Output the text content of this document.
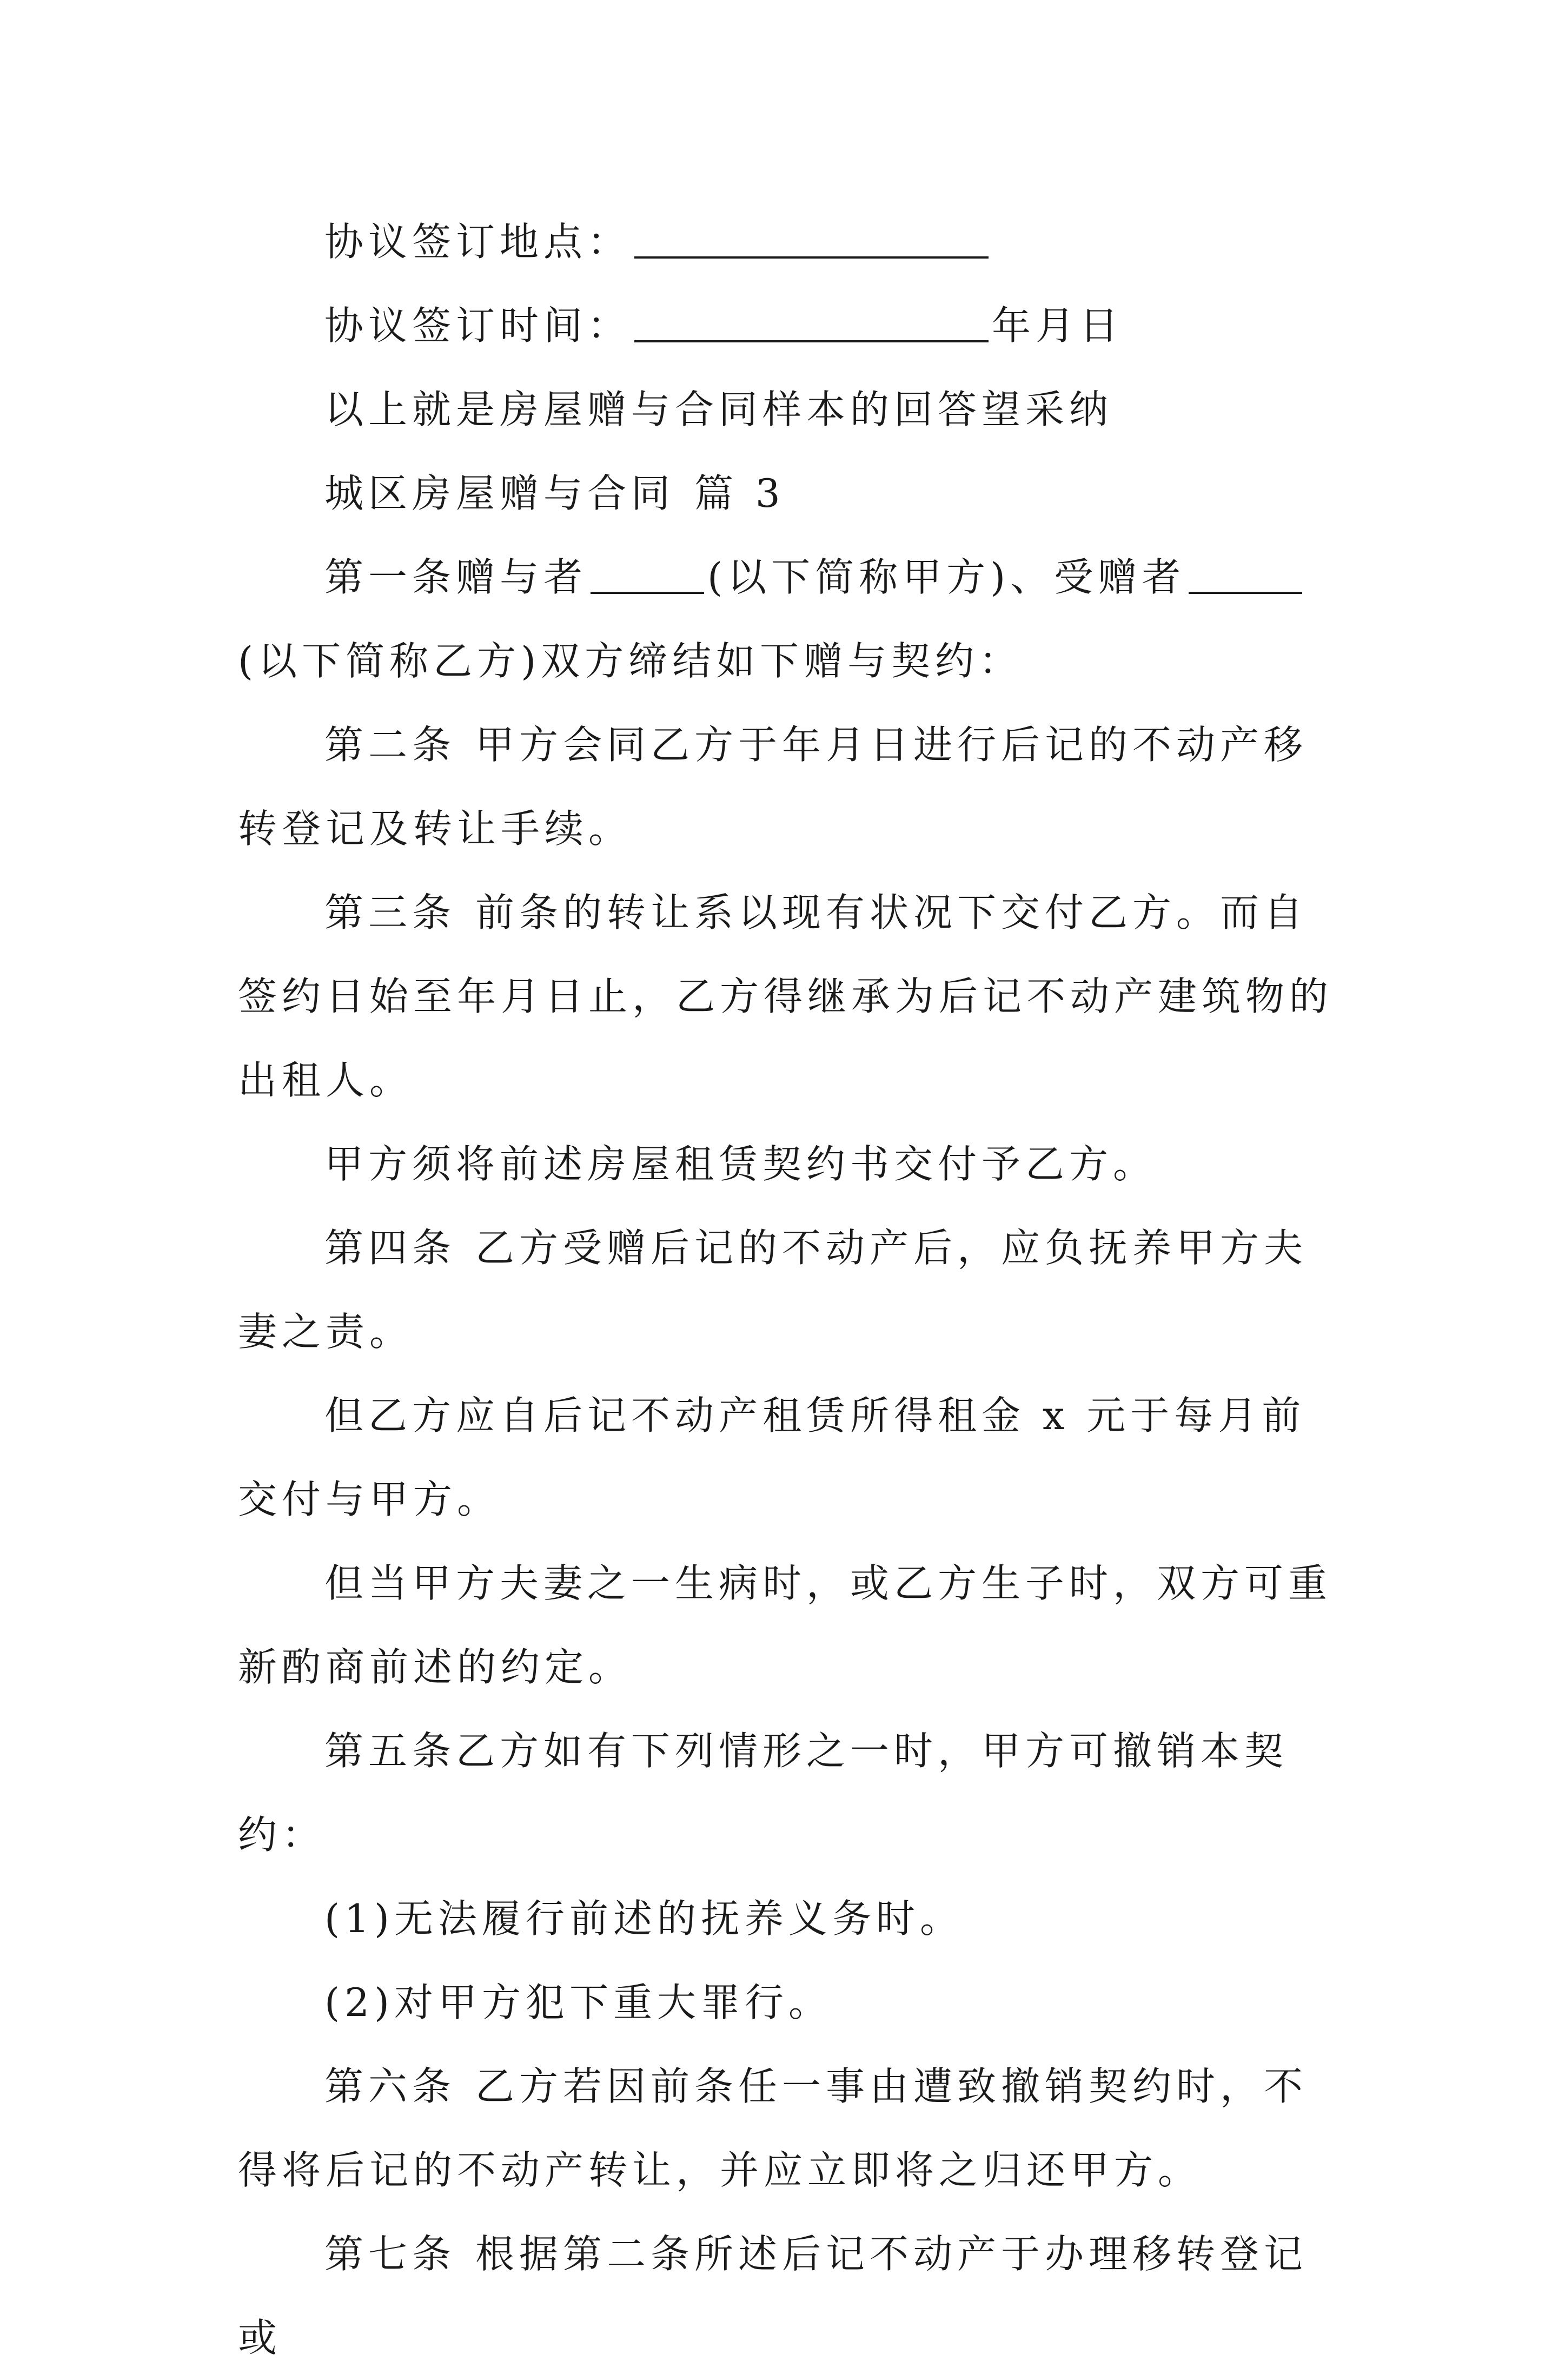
协议签订地点：

协议签订时间：	年月日

以上就是房屋赠与合同样本的回答望采纳

城区房屋赠与合同 篇 3

第一条赠与者	(以下简称甲方)、受赠者(以下简称乙方)双方缔结如下赠与契约：

第二条 甲方会同乙方于年月日进行后记的不动产移转登记及转让手续。

第三条 前条的转让系以现有状况下交付乙方。而自签约日始至年月日止，乙方得继承为后记不动产建筑物的出租人。

甲方须将前述房屋租赁契约书交付予乙方。

第四条 乙方受赠后记的不动产后，应负抚养甲方夫妻之责。

但乙方应自后记不动产租赁所得租金 x 元于每月前交付与甲方。

但当甲方夫妻之一生病时，或乙方生子时，双方可重新酌商前述的约定。

第五条乙方如有下列情形之一时，甲方可撤销本契约：

(1)无法履行前述的抚养义务时。

(2)对甲方犯下重大罪行。

第六条 乙方若因前条任一事由遭致撤销契约时，不得将后记的不动产转让，并应立即将之归还甲方。

第七条 根据第二条所述后记不动产于办理移转登记或
